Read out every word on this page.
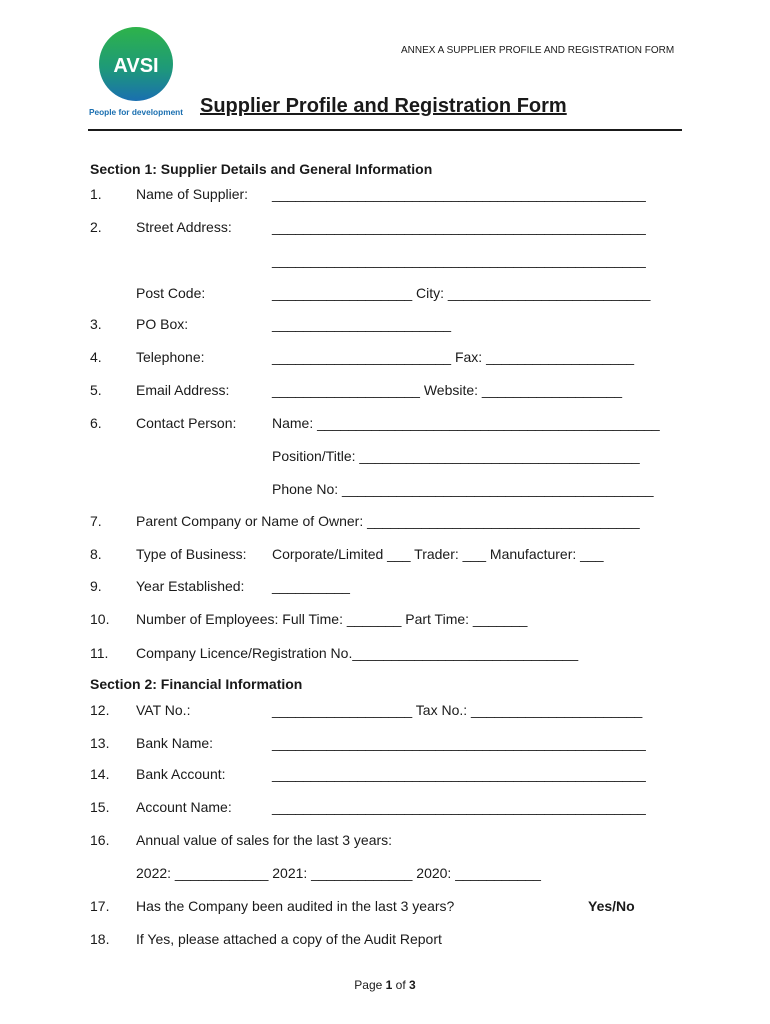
AVSI
People for development
ANNEX A SUPPLIER PROFILE AND REGISTRATION FORM
Supplier Profile and Registration Form
Section 1: Supplier Details and General Information
1. Name of Supplier: ________________________________________________
2. Street Address:	________________________________________________
________________________________________________
Post Code:	__________________ City: __________________________
3. PO Box:	_______________________
4. Telephone:	_______________________ Fax: ___________________
5. Email Address:	___________________ Website: __________________
6. Contact Person:	Name: ____________________________________________
Position/Title: ____________________________________
Phone No: ________________________________________
7. Parent Company or Name of Owner: ___________________________________
8. Type of Business: Corporate/Limited ___ Trader: ___ Manufacturer: ___
9. Year Established: __________
10. Number of Employees: Full Time: _______ Part Time: _______
11. Company Licence/Registration No._____________________________
Section 2: Financial Information
12. VAT No.:	__________________ Tax No.: ______________________
13. Bank Name:	________________________________________________
14. Bank Account:	________________________________________________
15. Account Name:	________________________________________________
16. Annual value of sales for the last 3 years:
2022: ____________ 2021: _____________ 2020: ___________
17. Has the Company been audited in the last 3 years?	Yes/No
18. If Yes, please attached a copy of the Audit Report
Page 1 of 3
